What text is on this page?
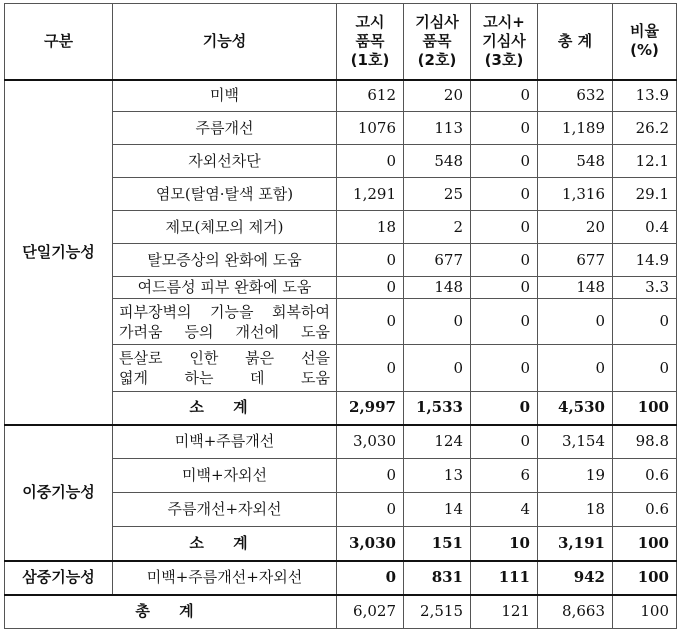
구분	기능성	고시
품목
(1호)	기심사
품목
(2호)	고시+
기심사
(3호)	총 계	비율
(%)

단일기능성	미백	612	20	0	632	13.9
	주름개선	1076	113	0	1,189	26.2
	자외선차단	0	548	0	548	12.1
	염모(탈염·탈색 포함)	1,291	25	0	1,316	29.1
	제모(체모의 제거)	18	2	0	20	0.4
	탈모증상의 완화에 도움	0	677	0	677	14.9
	여드름성 피부 완화에 도움	0	148	0	148	3.3

	피부장벽의 기능을 회복하여
가려움 등의 개선에 도움	0	0	0	0	0

	튼살로 인한 붉은 선을
엷게 하는 데 도움	0	0	0	0	0
	소 계	2,997	1,533	0	4,530	100
이중기능성	미백+주름개선	3,030	124	0	3,154	98.8
	미백+자외선	0	13	6	19	0.6
	주름개선+자외선	0	14	4	18	0.6
	소 계	3,030	151	10	3,191	100
삼중기능성	미백+주름개선+자외선	0	831	111	942	100
총 계		6,027	2,515	121	8,663	100
